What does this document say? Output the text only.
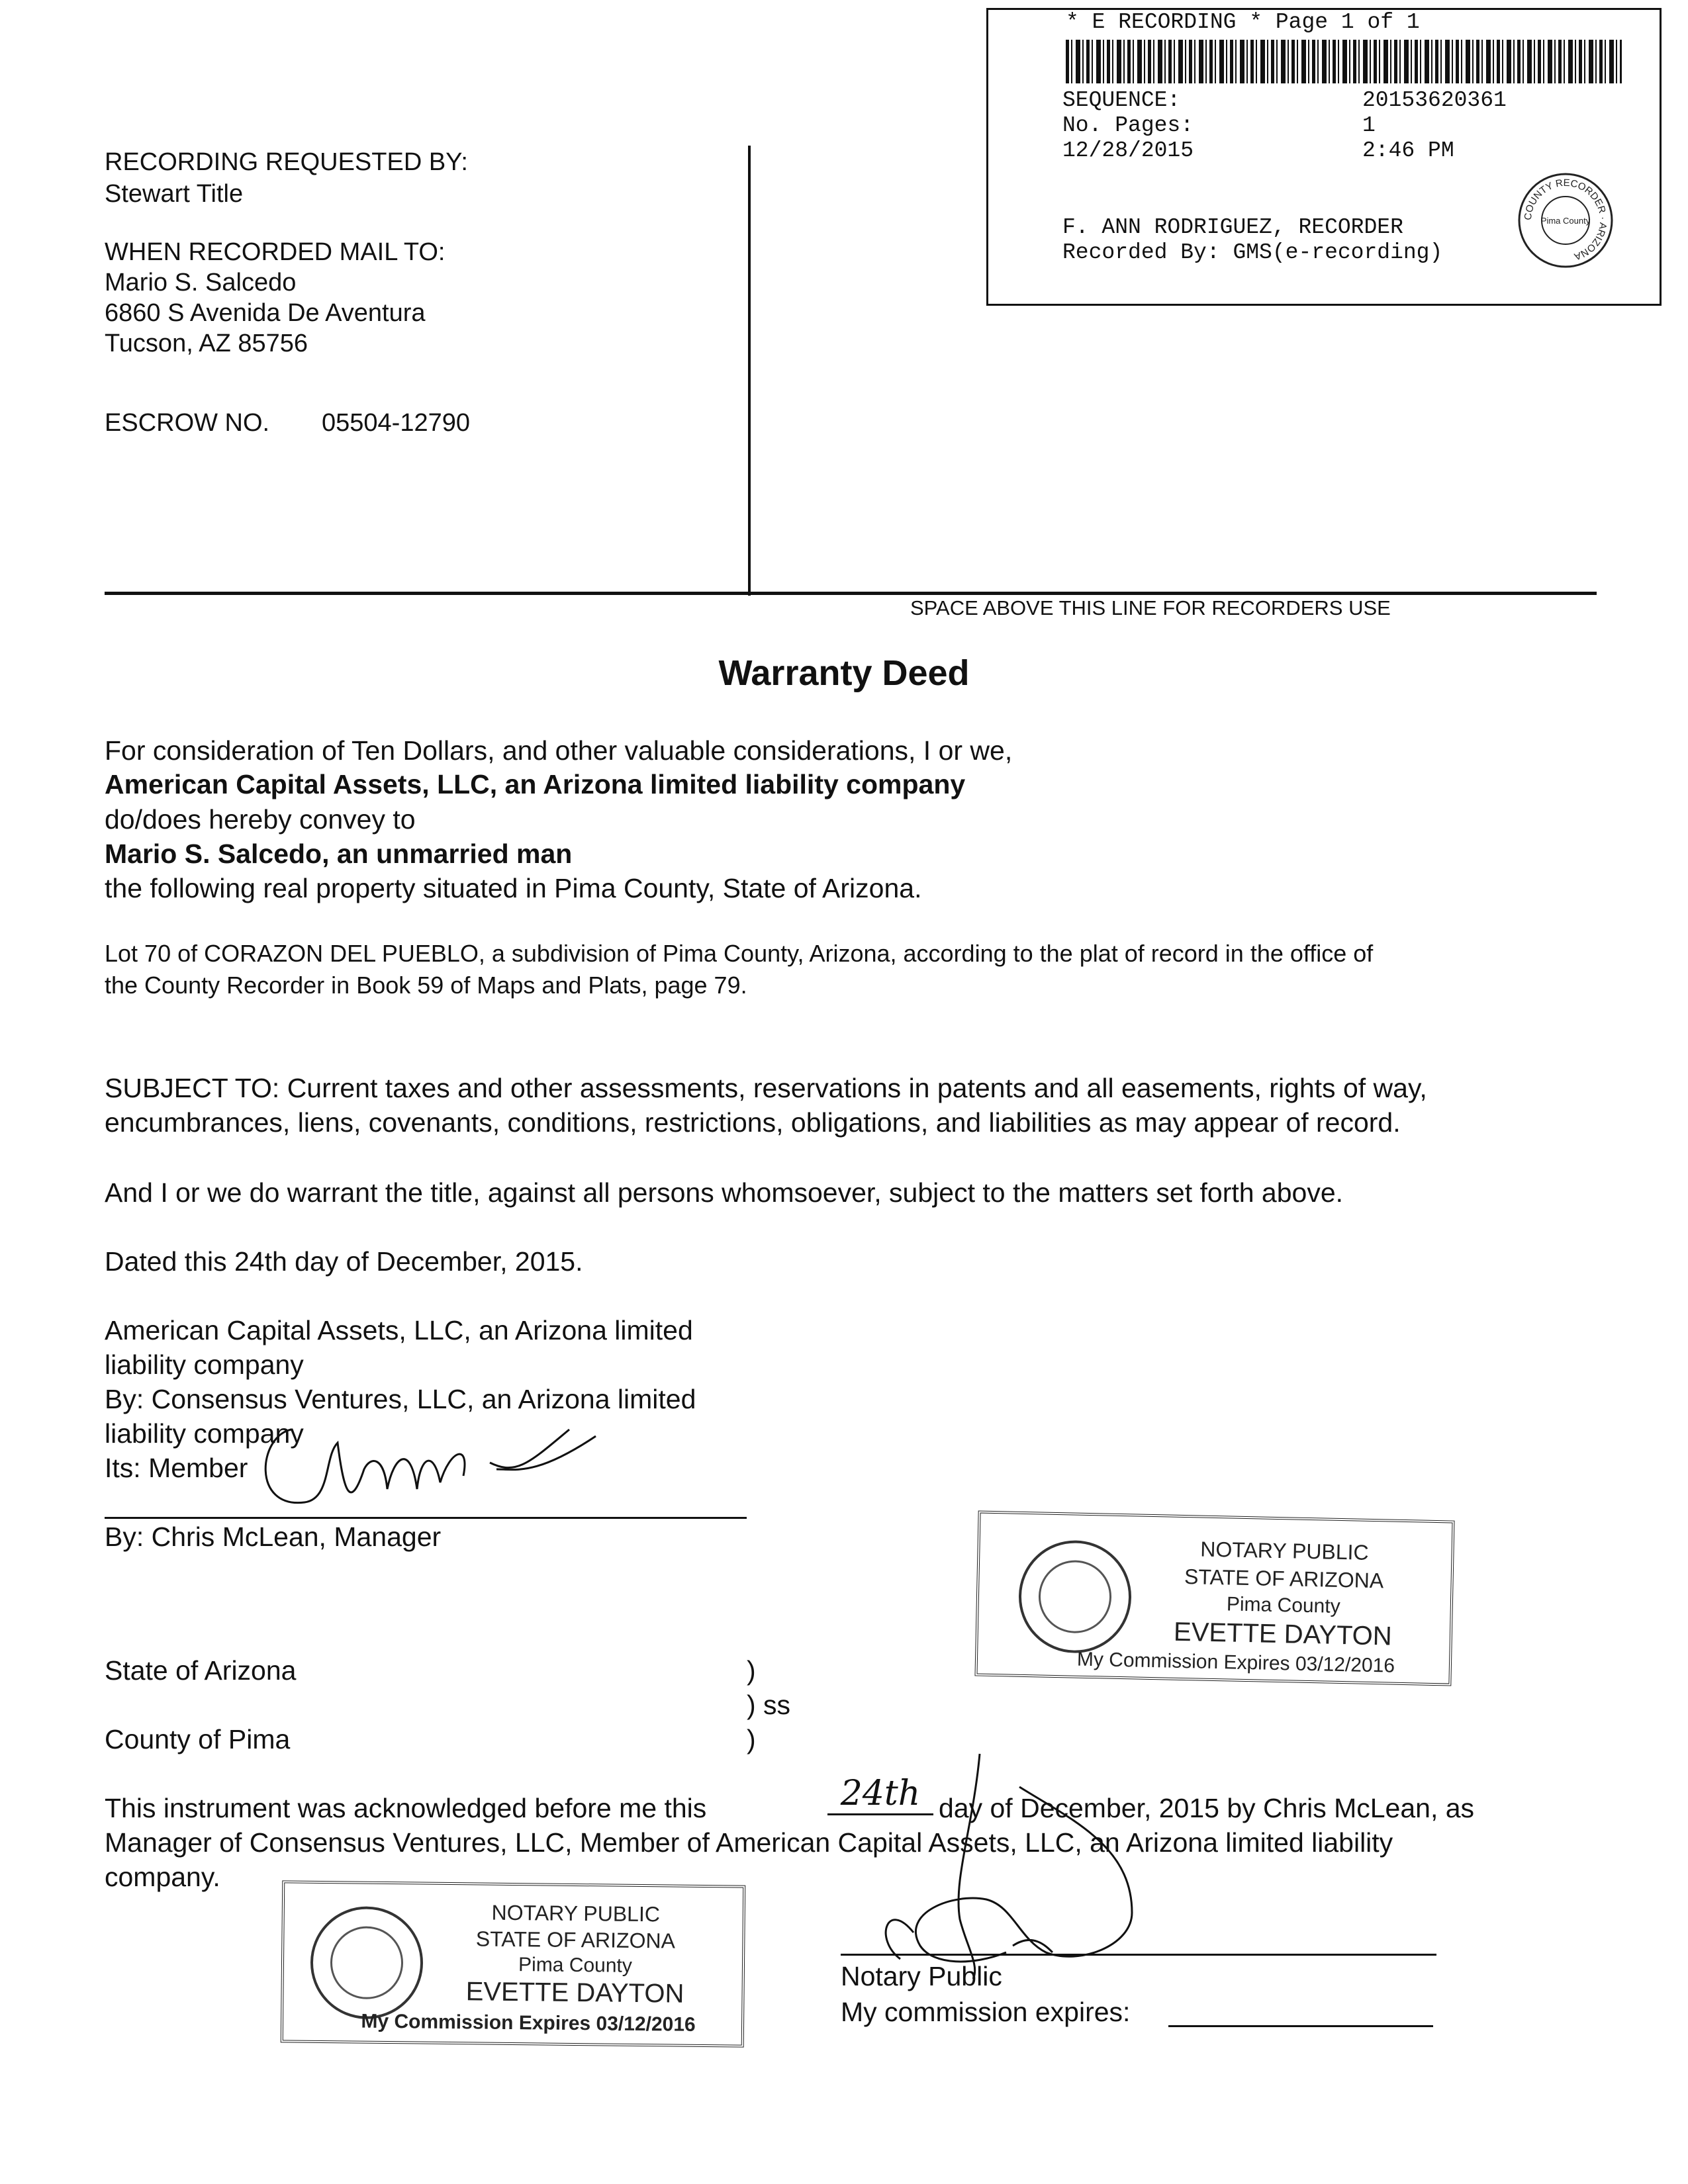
* E RECORDING * Page 1 of 1
SEQUENCE:	20153620361
No. Pages:	1
12/28/2015	2:46 PM
F. ANN RODRIGUEZ, RECORDER
Recorded By: GMS(e-recording)
COUNTY RECORDER · ARIZONA
Pima County
RECORDING REQUESTED BY:
Stewart Title
WHEN RECORDED MAIL TO:
Mario S. Salcedo
6860 S Avenida De Aventura
Tucson, AZ 85756
ESCROW NO. 05504-12790
SPACE ABOVE THIS LINE FOR RECORDERS USE
Warranty Deed
For consideration of Ten Dollars, and other valuable considerations, I or we,
American Capital Assets, LLC, an Arizona limited liability company
do/does hereby convey to
Mario S. Salcedo, an unmarried man
the following real property situated in Pima County, State of Arizona.
Lot 70 of CORAZON DEL PUEBLO, a subdivision of Pima County, Arizona, according to the plat of record in the office of
the County Recorder in Book 59 of Maps and Plats, page 79.
SUBJECT TO: Current taxes and other assessments, reservations in patents and all easements, rights of way,
encumbrances, liens, covenants, conditions, restrictions, obligations, and liabilities as may appear of record.
And I or we do warrant the title, against all persons whomsoever, subject to the matters set forth above.
Dated this 24th day of December, 2015.
American Capital Assets, LLC, an Arizona limited
liability company
By: Consensus Ventures, LLC, an Arizona limited
liability company
Its: Member
By: Chris McLean, Manager	NOTARY PUBLIC
STATE OF ARIZONA
Pima County
EVETTE DAYTON
My Commission Expires 03/12/2016
State of Arizona	)
) ss
County of Pima	)
This instrument was acknowledged before me this	24th day of December, 2015 by Chris McLean, as
Manager of Consensus Ventures, LLC, Member of American Capital Assets, LLC, an Arizona limited liability
company.
NOTARY PUBLIC
STATE OF ARIZONA
Pima County
EVETTE DAYTON
My Commission Expires 03/12/2016
Notary Public
My commission expires:
